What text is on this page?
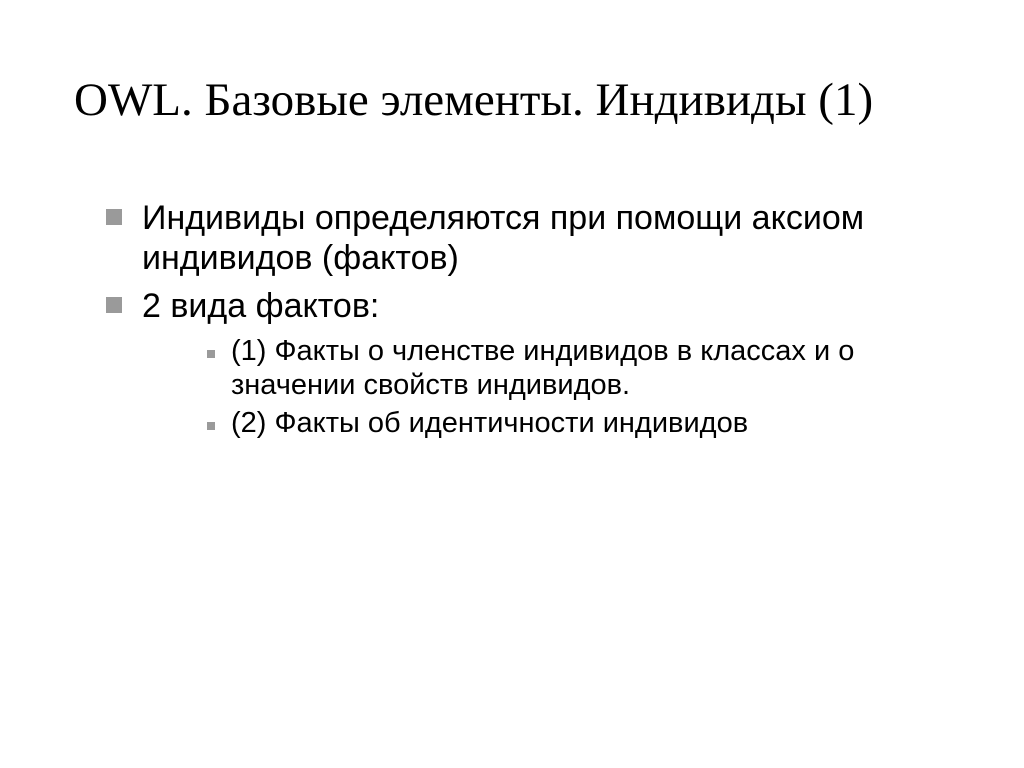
OWL. Базовые элементы. Индивиды (1)
Индивиды определяются при помощи аксиом индивидов (фактов)
2 вида фактов:
(1) Факты о членстве индивидов в классах и о значении свойств индивидов.
(2) Факты об идентичности индивидов
